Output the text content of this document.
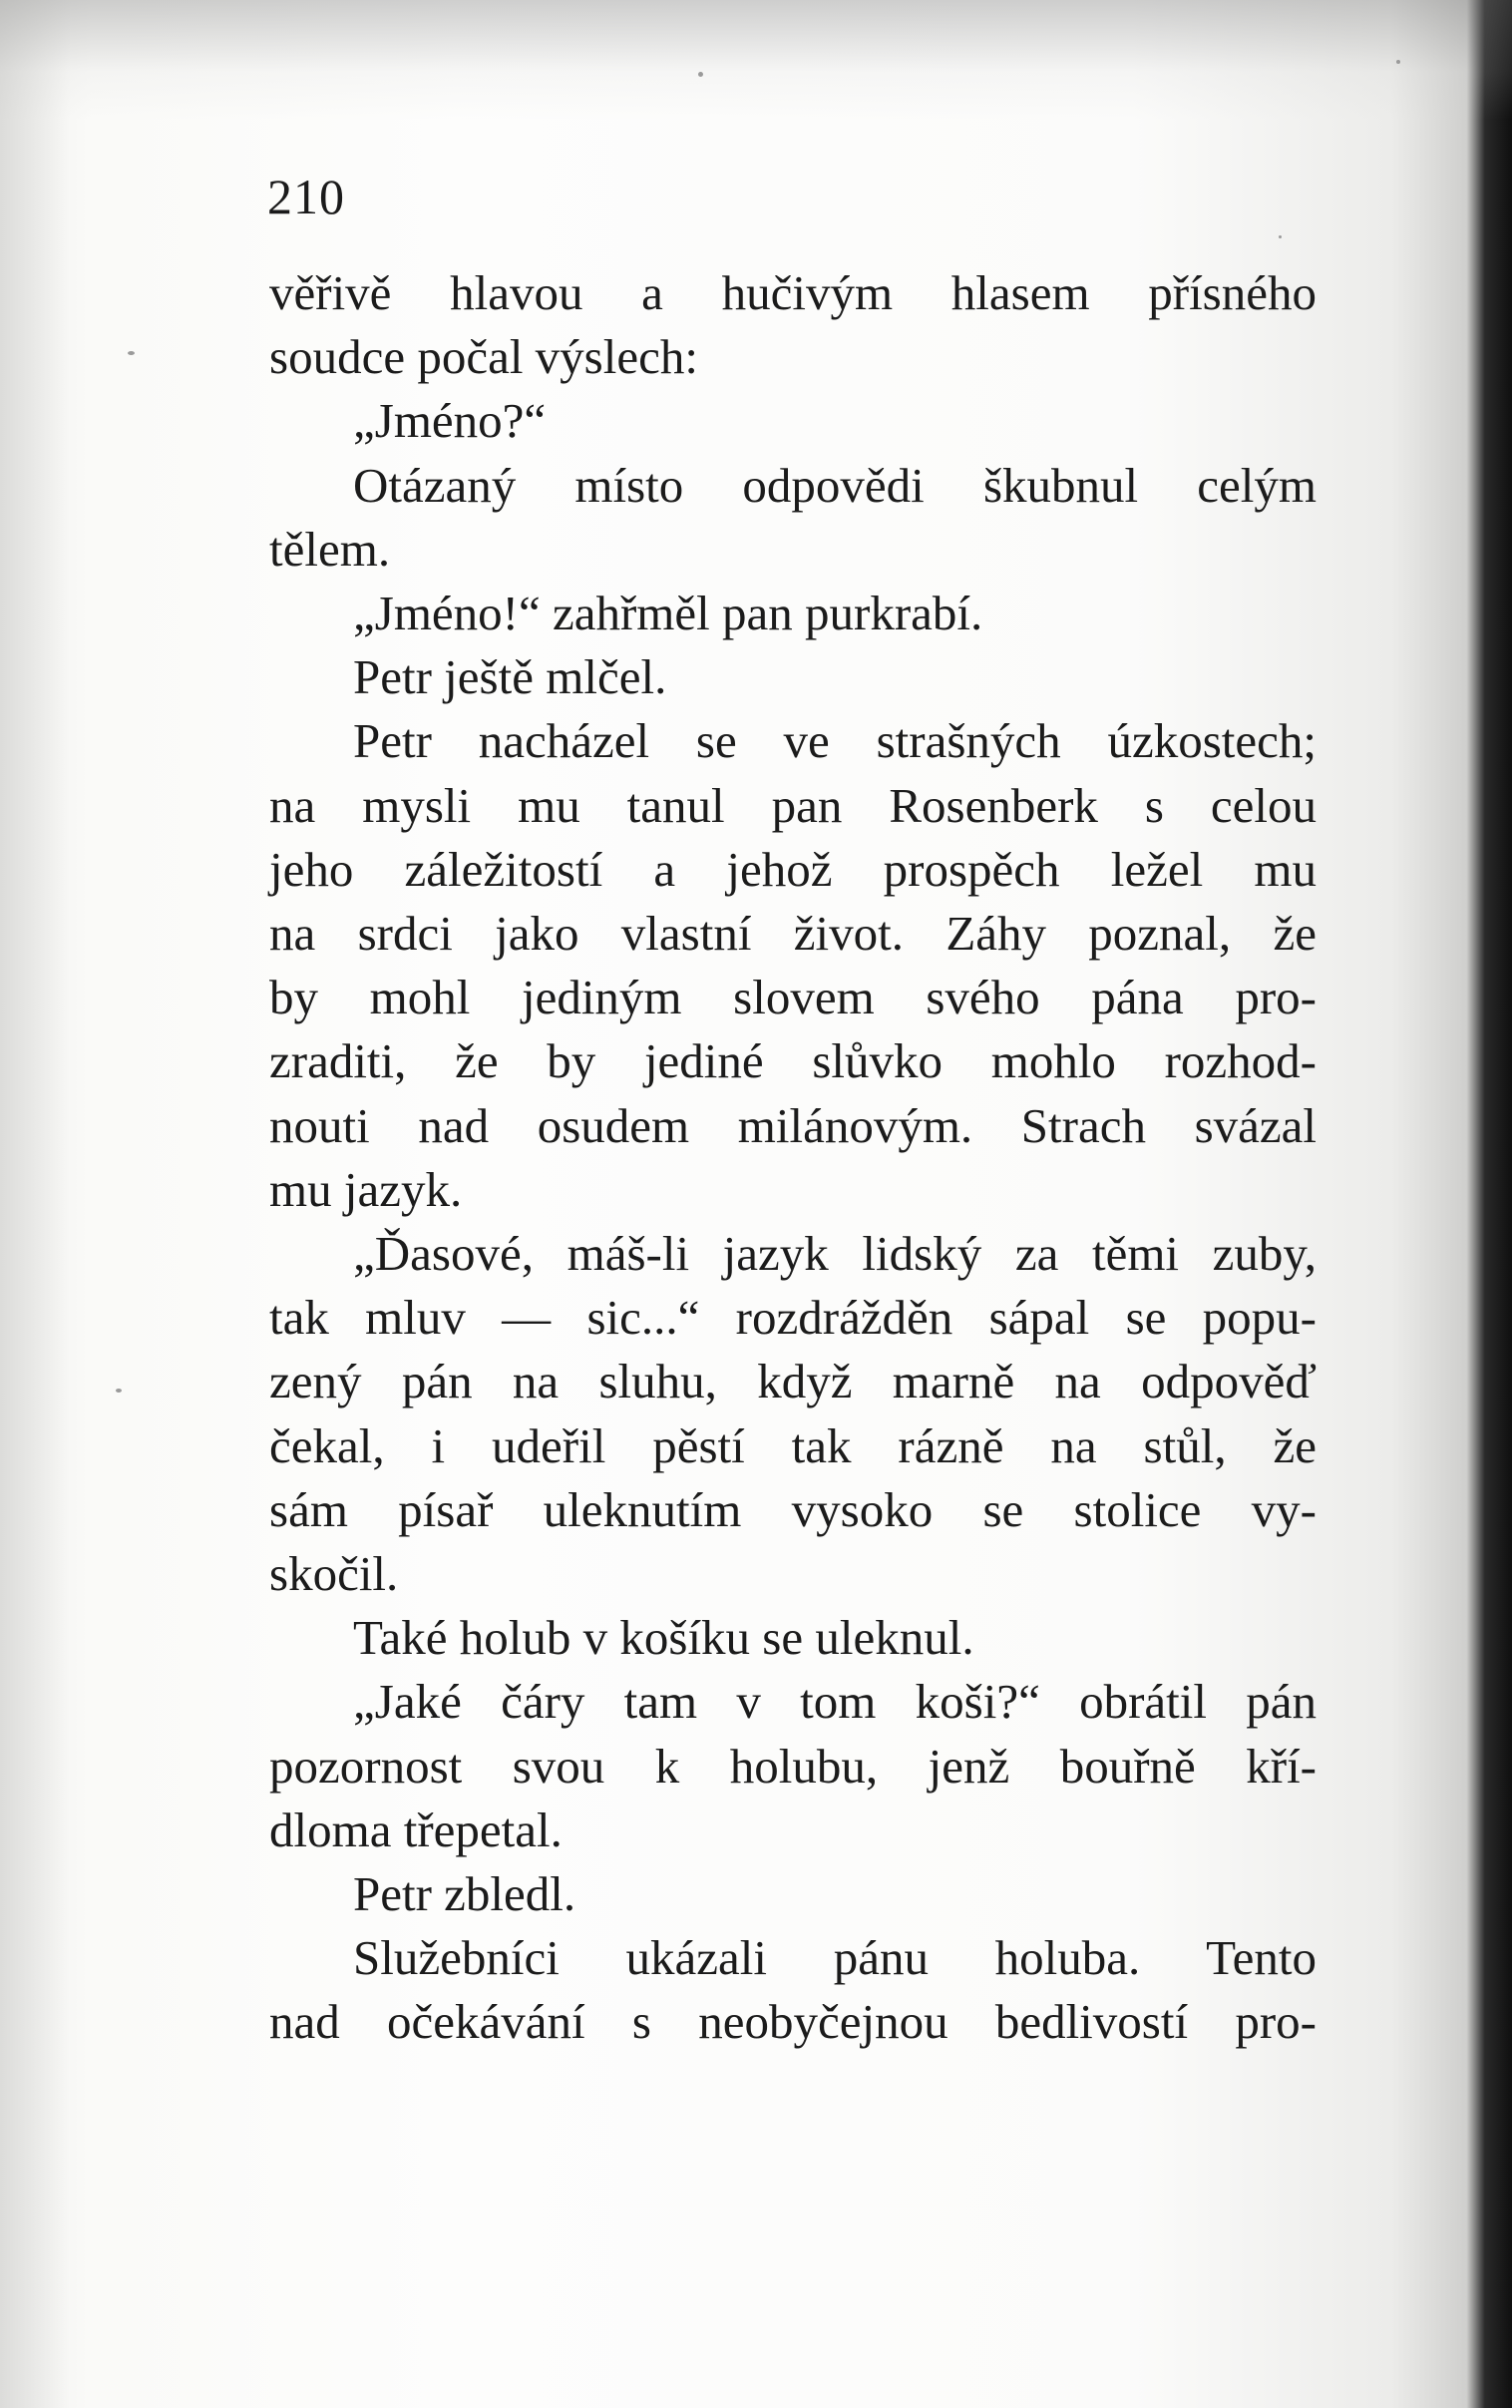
210
věřivě hlavou a hučivým hlasem přísného
soudce počal výslech:
„Jméno?“
Otázaný místo odpovědi škubnul celým
tělem.
„Jméno!“ zahřměl pan purkrabí.
Petr ještě mlčel.
Petr nacházel se ve strašných úzkostech;
na mysli mu tanul pan Rosenberk s celou
jeho záležitostí a jehož prospěch ležel mu
na srdci jako vlastní život. Záhy poznal, že
by mohl jediným slovem svého pána pro-
zraditi, že by jediné slůvko mohlo rozhod-
nouti nad osudem milánovým. Strach svázal
mu jazyk.
„Ďasové, máš-li jazyk lidský za těmi zuby,
tak mluv — sic...“ rozdrážděn sápal se popu-
zený pán na sluhu, když marně na odpověď
čekal, i udeřil pěstí tak rázně na stůl, že
sám písař uleknutím vysoko se stolice vy-
skočil.
Také holub v košíku se uleknul.
„Jaké čáry tam v tom koši?“ obrátil pán
pozornost svou k holubu, jenž bouřně kří-
dloma třepetal.
Petr zbledl.
Služebníci ukázali pánu holuba. Tento
nad očekávání s neobyčejnou bedlivostí pro-
